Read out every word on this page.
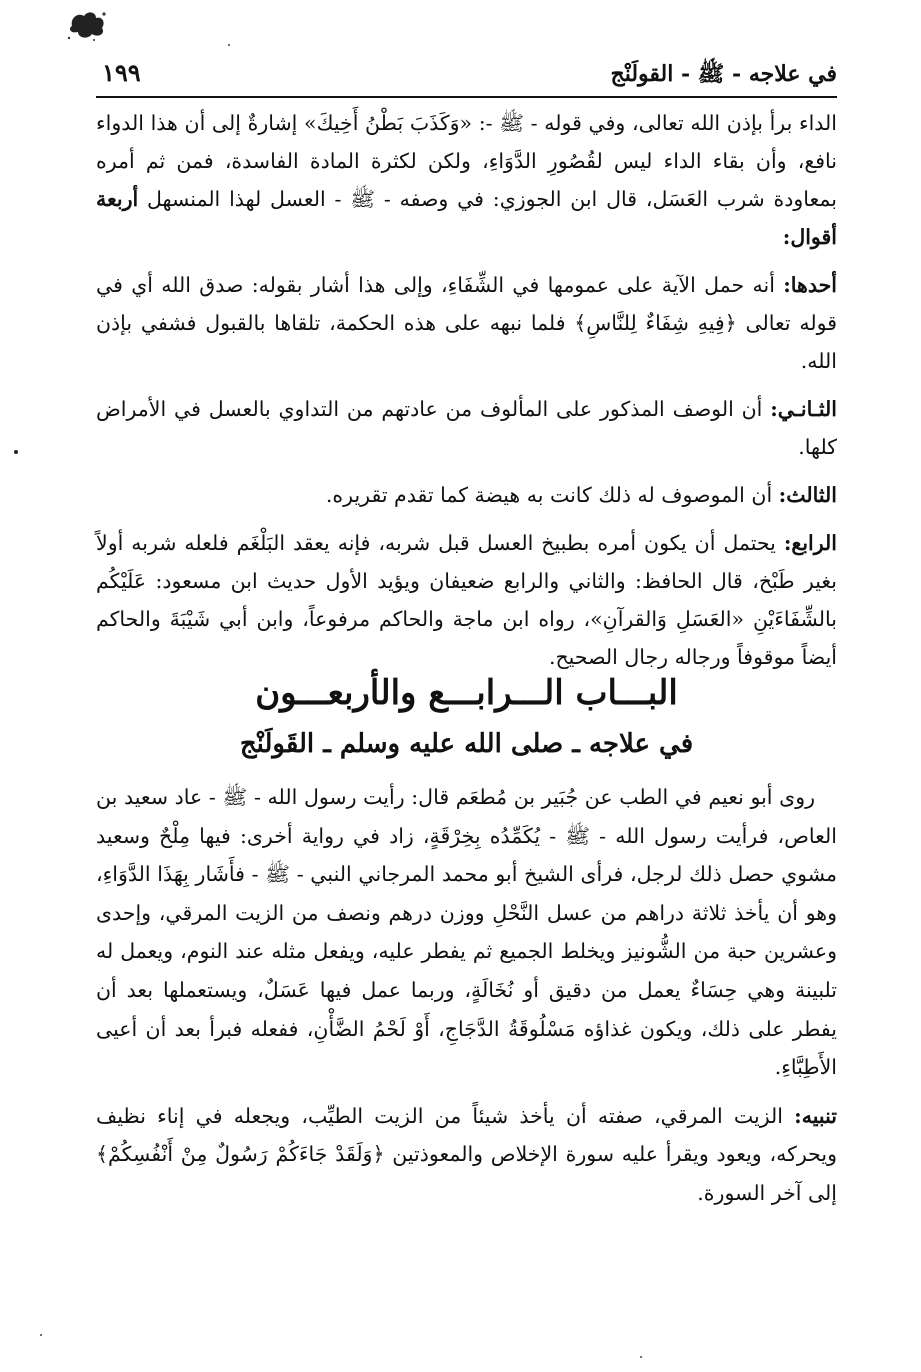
في علاجه - ﷺ - القولَنْج
١٩٩

الداء برأ بإذن الله تعالى، وفي قوله - ﷺ -: «وَكَذَبَ بَطْنُ أَخِيكَ» إشارةٌ إلى أن هذا الدواء نافع، وأن بقاء الداء ليس لقُصُورِ الدَّوَاءِ، ولكن لكثرة المادة الفاسدة، فمن ثم أمره بمعاودة شرب العَسَل، قال ابن الجوزي: في وصفه - ﷺ - العسل لهذا المنسهل أربعة أقوال:

أحدها: أنه حمل الآية على عمومها في الشِّفَاءِ، وإلى هذا أشار بقوله: صدق الله أي في قوله تعالى ﴿فِيهِ شِفَاءٌ لِلنَّاسِ﴾ فلما نبهه على هذه الحكمة، تلقاها بالقبول فشفي بإذن الله.

الثـانـي: أن الوصف المذكور على المألوف من عادتهم من التداوي بالعسل في الأمراض كلها.

الثالث: أن الموصوف له ذلك كانت به هيضة كما تقدم تقريره.

الرابع: يحتمل أن يكون أمره بطبيخ العسل قبل شربه، فإنه يعقد البَلْغَم فلعله شربه أولاً بغير طَبْخ، قال الحافظ: والثاني والرابع ضعيفان ويؤيد الأول حديث ابن مسعود: عَلَيْكُم بالشِّفَاءَيْنِ «العَسَلِ وَالقرآنِ»، رواه ابن ماجة والحاكم مرفوعاً، وابن أبي شَيْبَةَ والحاكم أيضاً موقوفاً ورجاله رجال الصحيح.

البـــاب الـــرابـــع والأربعـــون
في علاجه ـ صلى الله عليه وسلم ـ القَولَنْج

روى أبو نعيم في الطب عن جُبَير بن مُطعَم قال: رأيت رسول الله - ﷺ - عاد سعيد بن العاص، فرأيت رسول الله - ﷺ - يُكَمِّدُه بِخِرْقَةٍ، زاد في رواية أخرى: فيها مِلْحٌ وسعيد مشوي حصل ذلك لرجل، فرأى الشيخ أبو محمد المرجاني النبي - ﷺ - فأَشَار بِهَذَا الدَّوَاءِ، وهو أن يأخذ ثلاثة دراهم من عسل النَّحْلِ ووزن درهم ونصف من الزيت المرقي، وإحدى وعشرين حبة من الشُّونيز ويخلط الجميع ثم يفطر عليه، ويفعل مثله عند النوم، ويعمل له تلبينة وهي حِسَاءٌ يعمل من دقيق أو نُخَالَةٍ، وربما عمل فيها عَسَلٌ، ويستعملها بعد أن يفطر على ذلك، ويكون غذاؤه مَسْلُوقَةُ الدَّجَاجِ، أَوْ لَحْمُ الضَّأْنِ، ففعله فبرأ بعد أن أعيى الأَطِبَّاءِ.

تنبيه: الزيت المرقي، صفته أن يأخذ شيئاً من الزيت الطيِّب، ويجعله في إناء نظيف ويحركه، ويعود ويقرأ عليه سورة الإخلاص والمعوذتين ﴿وَلَقَدْ جَاءَكُمْ رَسُولٌ مِنْ أَنْفُسِكُمْ﴾ إلى آخر السورة.
